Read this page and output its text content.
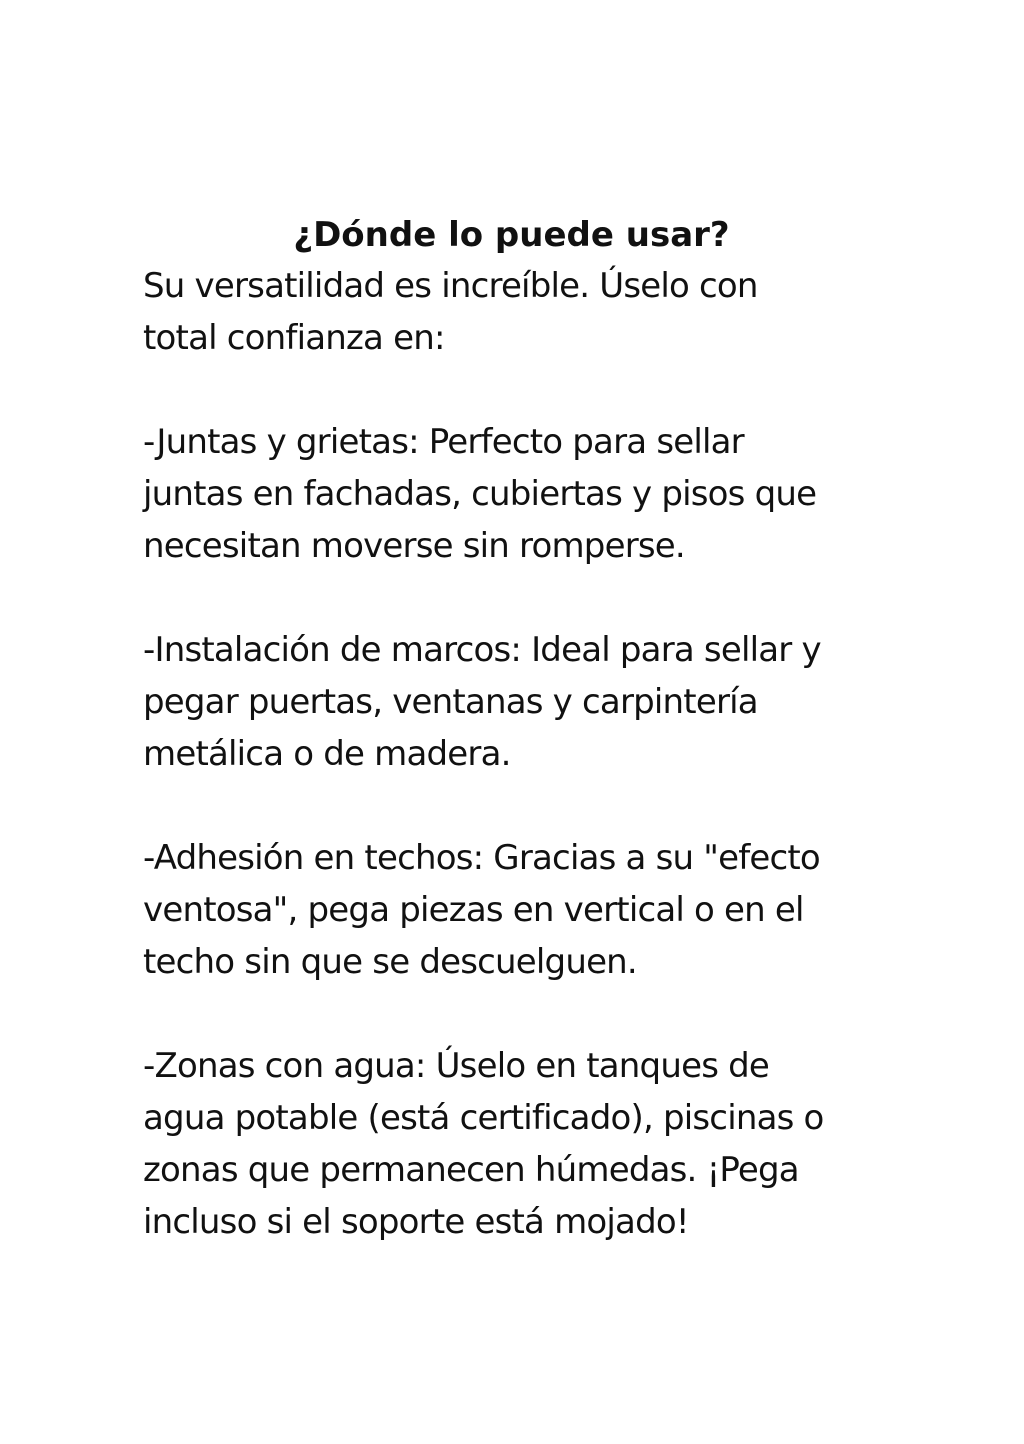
¿Dónde lo puede usar?

Su versatilidad es increíble. Úselo con

total confianza en:

-Juntas y grietas: Perfecto para sellar

juntas en fachadas, cubiertas y pisos que

necesitan moverse sin romperse.

-Instalación de marcos: Ideal para sellar y

pegar puertas, ventanas y carpintería

metálica o de madera.

-Adhesión en techos: Gracias a su "efecto

ventosa", pega piezas en vertical o en el

techo sin que se descuelguen.

-Zonas con agua: Úselo en tanques de

agua potable (está certificado), piscinas o

zonas que permanecen húmedas. ¡Pega

incluso si el soporte está mojado!
